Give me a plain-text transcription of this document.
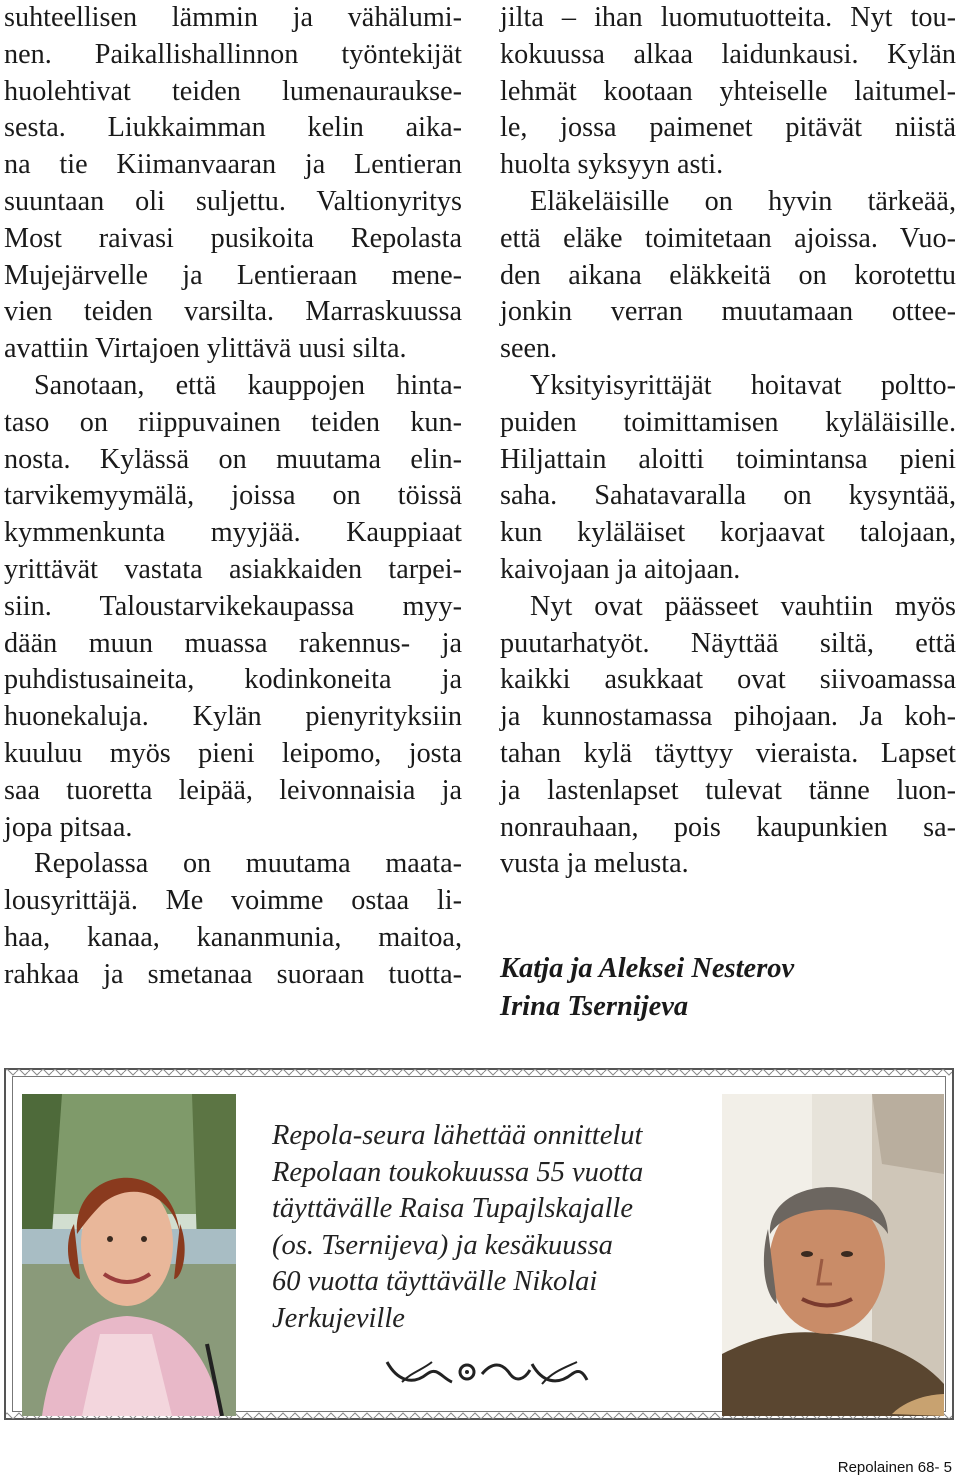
suhteellisen lämmin ja vähälumi-
nen. Paikallishallinnon työntekijät
huolehtivat teiden lumenauraukse-
sesta. Liukkaimman kelin aika-
na tie Kiimanvaaran ja Lentieran
suuntaan oli suljettu. Valtionyritys
Most raivasi pusikoita Repolasta
Mujejärvelle ja Lentieraan mene-
vien teiden varsilta. Marraskuussa
avattiin Virtajoen ylittävä uusi silta.
Sanotaan, että kauppojen hinta-
taso on riippuvainen teiden kun-
nosta. Kylässä on muutama elin-
tarvikemyymälä, joissa on töissä
kymmenkunta myyjää. Kauppiaat
yrittävät vastata asiakkaiden tarpei-
siin. Taloustarvikekaupassa myy-
dään muun muassa rakennus- ja
puhdistusaineita, kodinkoneita ja
huonekaluja. Kylän pienyrityksiin
kuuluu myös pieni leipomo, josta
saa tuoretta leipää, leivonnaisia ja
jopa pitsaa.
Repolassa on muutama maata-
lousyrittäjä. Me voimme ostaa li-
haa, kanaa, kananmunia, maitoa,
rahkaa ja smetanaa suoraan tuotta-
jilta – ihan luomutuotteita. Nyt tou-
kokuussa alkaa laidunkausi. Kylän
lehmät kootaan yhteiselle laitumel-
le, jossa paimenet pitävät niistä
huolta syksyyn asti.
Eläkeläisille on hyvin tärkeää,
että eläke toimitetaan ajoissa. Vuo-
den aikana eläkkeitä on korotettu
jonkin verran muutamaan ottee-
seen.
Yksityisyrittäjät hoitavat poltto-
puiden toimittamisen kyläläisille.
Hiljattain aloitti toimintansa pieni
saha. Sahatavaralla on kysyntää,
kun kyläläiset korjaavat talojaan,
kaivojaan ja aitojaan.
Nyt ovat päässeet vauhtiin myös
puutarhatyöt. Näyttää siltä, että
kaikki asukkaat ovat siivoamassa
ja kunnostamassa pihojaan. Ja koh-
tahan kylä täyttyy vieraista. Lapset
ja lastenlapset tulevat tänne luon-
nonrauhaan, pois kaupunkien sa-
vusta ja melusta.
Katja ja Aleksei Nesterov
Irina Tsernijeva
Repola-seura lähettää onnittelut
Repolaan toukokuussa 55 vuotta
täyttävälle Raisa Tupajlskajalle
(os. Tsernijeva) ja kesäkuussa
60 vuotta täyttävälle Nikolai
Jerkujeville
Repolainen 68- 5
